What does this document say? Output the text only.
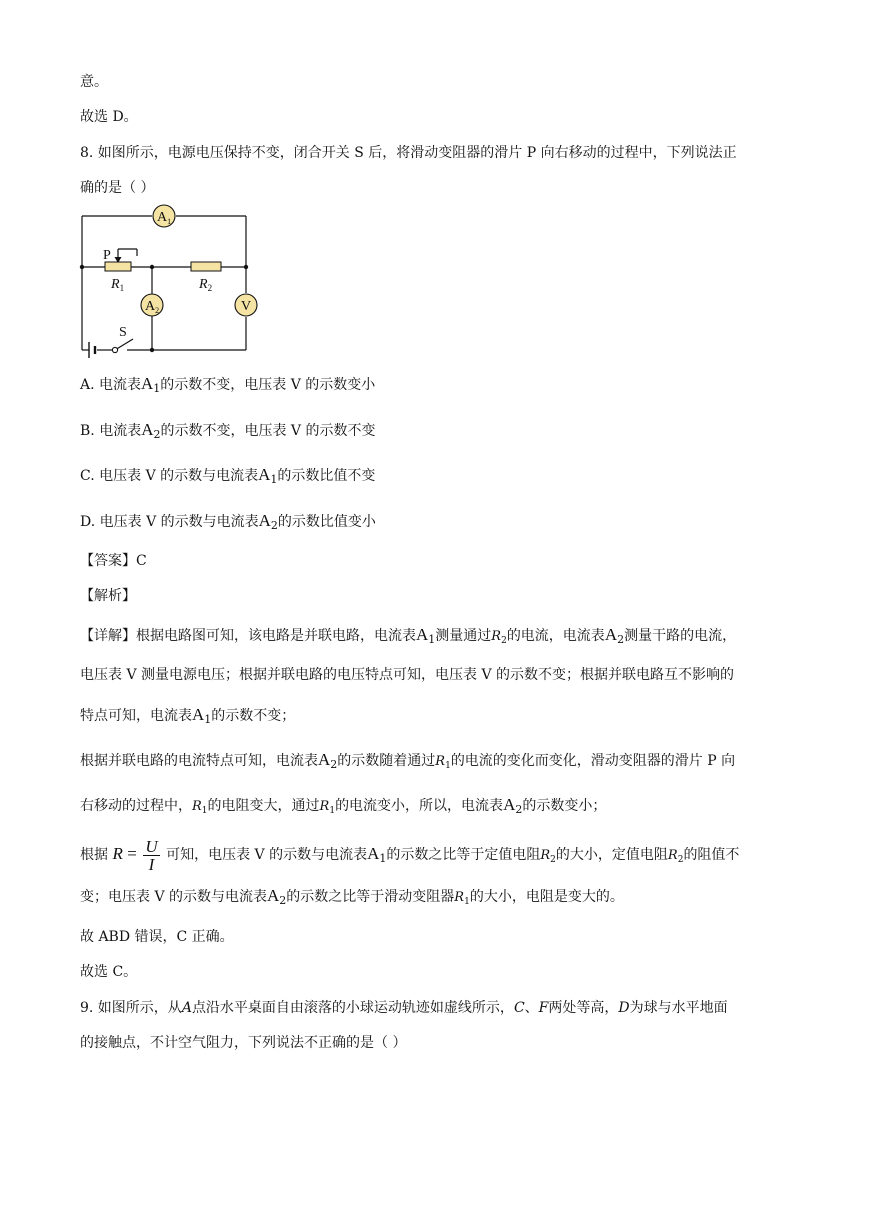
意。
故选 D。
8. 如图所示，电源电压保持不变，闭合开关 S 后，将滑动变阻器的滑片 P 向右移动的过程中，下列说法正
确的是（ ）
$A_1$
$A_2$	V
P
$R_1$	$R_2$
S
A. 电流表$A_1$的示数不变，电压表 V 的示数变小
B. 电流表$A_2$的示数不变，电压表 V 的示数不变
C. 电压表 V 的示数与电流表$A_1$的示数比值不变
D. 电压表 V 的示数与电流表$A_2$的示数比值变小
【答案】C
【解析】
【详解】根据电路图可知，该电路是并联电路，电流表$A_1$测量通过$R_2$的电流，电流表$A_2$测量干路的电流，
电压表 V 测量电源电压；根据并联电路的电压特点可知，电压表 V 的示数不变；根据并联电路互不影响的
特点可知，电流表$A_1$的示数不变；
根据并联电路的电流特点可知，电流表$A_2$的示数随着通过$R_1$的电流的变化而变化，滑动变阻器的滑片 P 向
右移动的过程中，$R_1$的电阻变大，通过$R_1$的电流变小，所以，电流表$A_2$的示数变小；
根据 $R = \frac{U}{I}$ 可知，电压表 V 的示数与电流表$A_1$的示数之比等于定值电阻$R_2$的大小，定值电阻$R_2$的阻值不
变；电压表 V 的示数与电流表$A_2$的示数之比等于滑动变阻器$R_1$的大小，电阻是变大的。
故 ABD 错误，C 正确。
故选 C。
9. 如图所示，从A点沿水平桌面自由滚落的小球运动轨迹如虚线所示，C、F两处等高，D为球与水平地面
的接触点，不计空气阻力，下列说法不正确的是（ ）
